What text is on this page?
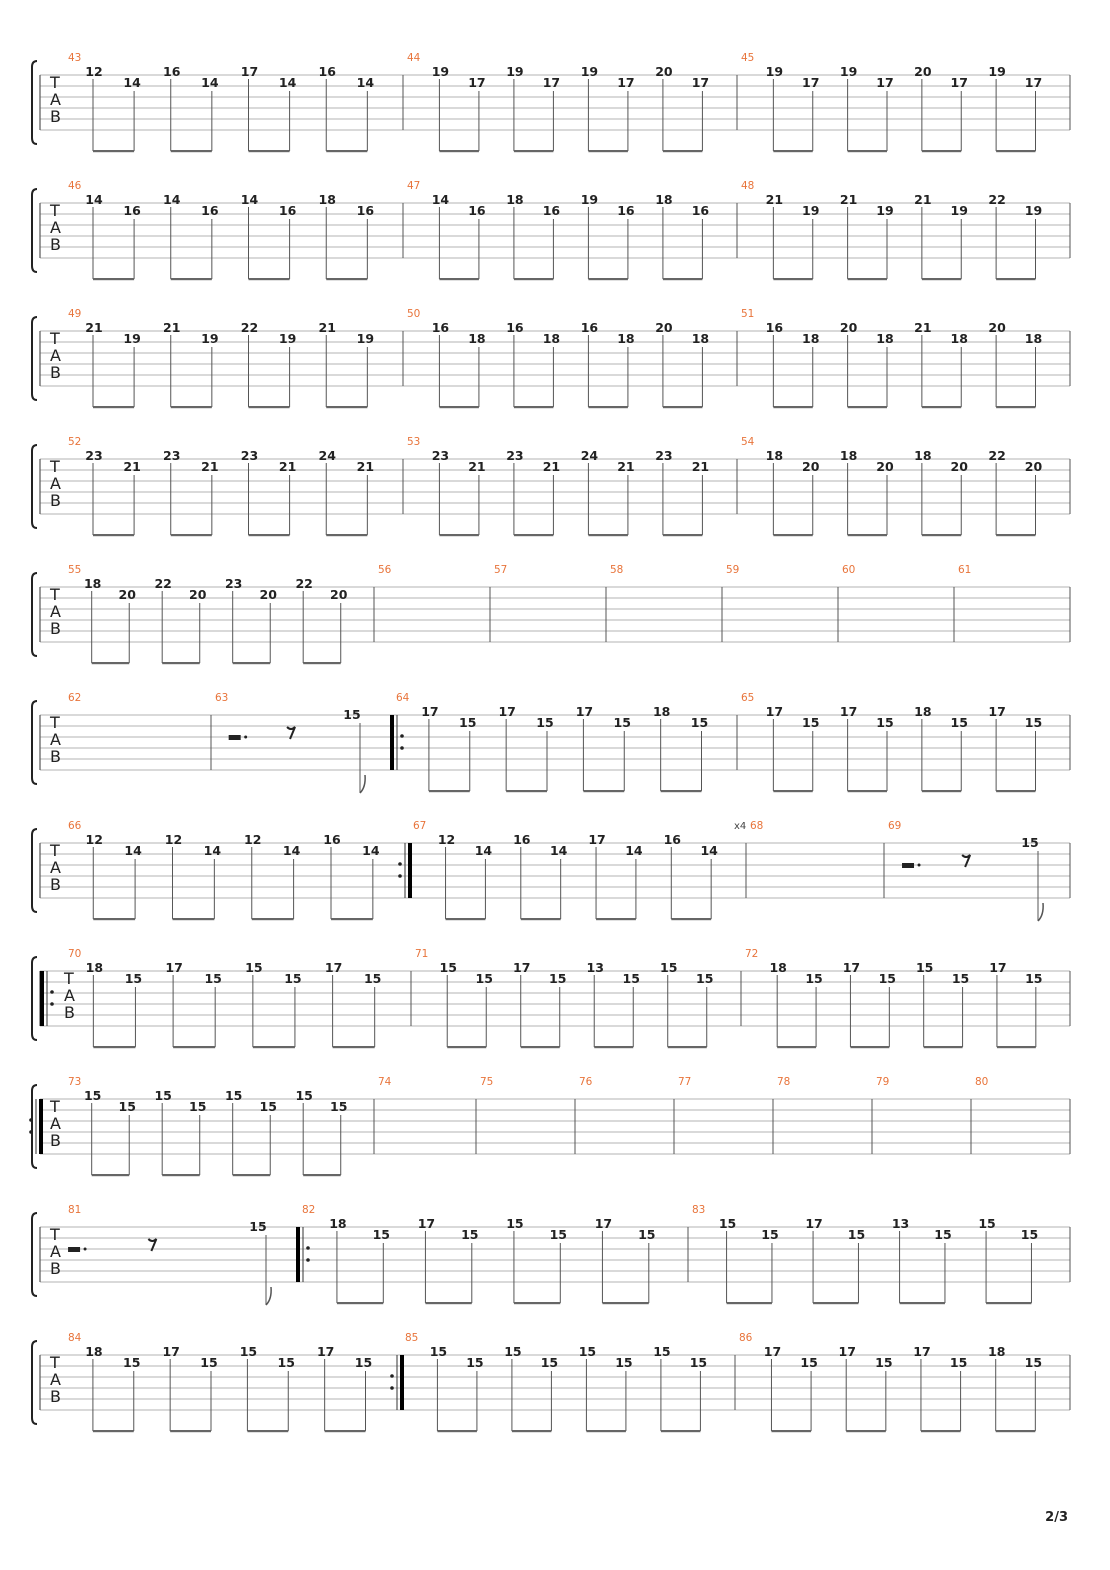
T
A
B
43
12
14
16
14
17
14
16
14
44
19
17
19
17
19
17
20
17
45
19
17
19
17
20
17
19
17
T
A
B
46
14
16
14
16
14
16
18
16
47
14
16
18
16
19
16
18
16
48
21
19
21
19
21
19
22
19
T
A
B
49
21
19
21
19
22
19
21
19
50
16
18
16
18
16
18
20
18
51
16
18
20
18
21
18
20
18
T
A
B
52
23
21
23
21
23
21
24
21
53
23
21
23
21
24
21
23
21
54
18
20
18
20
18
20
22
20
T
A
B
55
18
20
22
20
23
20
22
20
56	57	58	59	60	61
T
A
B
62	63
15
64
17
15
17
15
17
15
18
15
65
17
15
17
15
18
15
17
15
T
A
B
66
12
14
12
14
12
14
16
14
67
12
14
16
14
17
14
16
14
68
x4	69
15
T
A
B
70
18
15
17
15
15
15
17
15
71
15
15
17
15
13
15
15
15
72
18
15
17
15
15
15
17
15
T
A
B
73
15
15
15
15
15
15
15
15
74	75	76	77	78	79	80
T
A
B
81
15
82
18
15
17
15
15
15
17
15
83
15
15
17
15
13
15
15
15
T
A
B
84
18
15
17
15
15
15
17
15
85
15
15
15
15
15
15
15
15
86
17
15
17
15
17
15
18
15
2/3
